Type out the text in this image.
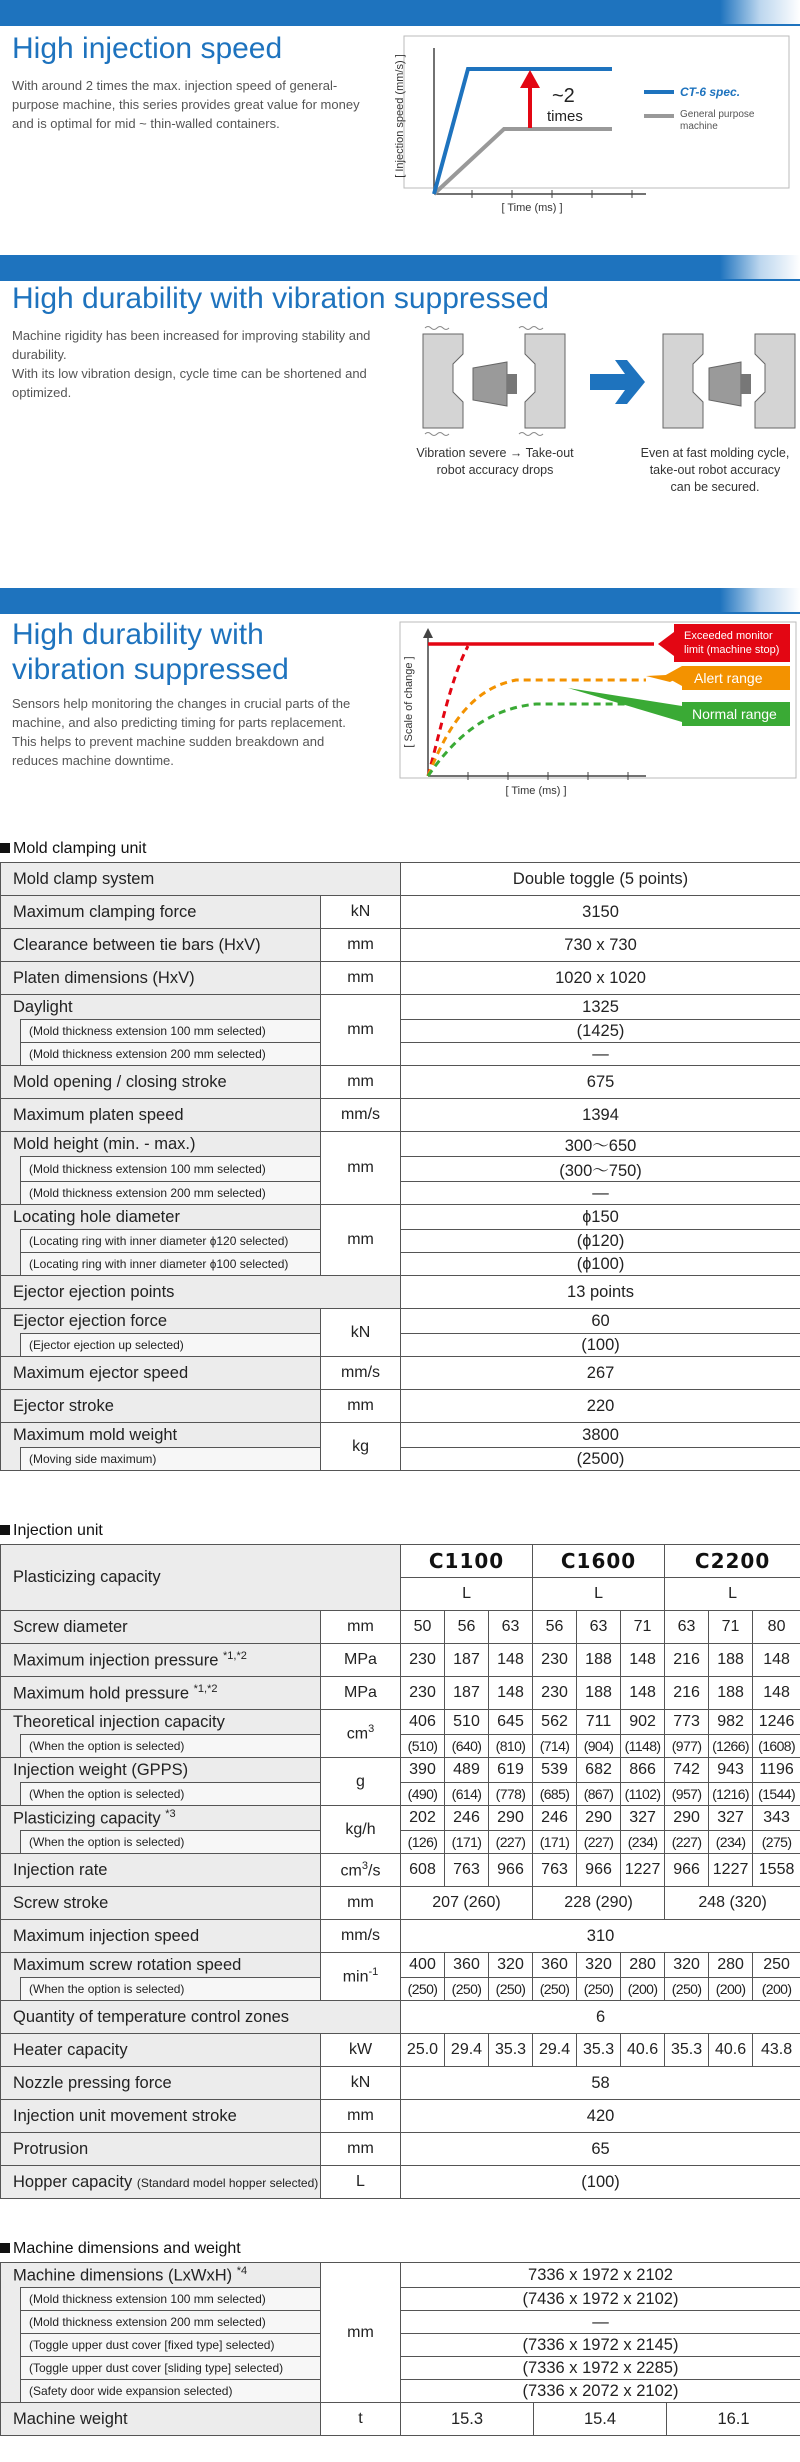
High injection speed

With around 2 times the max. injection speed of general-purpose machine, this series provides great value for money and is optimal for mid ~ thin-walled containers.

~2
times
[ Injection speed (mm/s) ]
[ Time (ms) ]
CT-6 spec.
General purpose
machine
High durability with vibration suppressed

Machine rigidity has been increased for improving stability and durability.
With its low vibration design, cycle time can be shortened and optimized.

Vibration severe → Take-out robot accuracy drops
Even at fast molding cycle, take-out robot accuracy can be secured.
High durability with
vibration suppressed

Sensors help monitoring the changes in crucial parts of the machine, and also predicting timing for parts replacement.
This helps to prevent machine sudden breakdown and reduces machine downtime.

Exceeded monitor
limit (machine stop)
Alert range
Normal range
[ Scale of change ]
[ Time (ms) ]
Mold clamping unit
Mold clamp system			Double toggle (5 points)
Maximum clamping force		kN	3150
Clearance between tie bars (HxV)		mm	730 x 730
Platen dimensions (HxV)		mm	1020 x 1020
Daylight		mm	1325
	(Mold thickness extension 100 mm selected)		(1425)
	(Mold thickness extension 200 mm selected)		—
Mold opening / closing stroke		mm	675
Maximum platen speed		mm/s	1394
Mold height (min. - max.)		mm	300〜650
	(Mold thickness extension 100 mm selected)		(300〜750)
	(Mold thickness extension 200 mm selected)		—
Locating hole diameter		mm	ɸ150
	(Locating ring with inner diameter ɸ120 selected)		(ɸ120)
	(Locating ring with inner diameter ɸ100 selected)		(ɸ100)
Ejector ejection points			13 points
Ejector ejection force		kN	60
	(Ejector ejection up selected)		(100)
Maximum ejector speed		mm/s	267
Ejector stroke		mm	220
Maximum mold weight		kg	3800
	(Moving side maximum)		(2500)
Injection unit
Plasticizing capacity			C1100			C1600			C2200		
			L			L			L		
Screw diameter		mm	50	56	63	56	63	71	63	71	80
Maximum injection pressure $^{*1,*2}$		MPa	230	187	148	230	188	148	216	188	148
Maximum hold pressure $^{*1,*2}$		MPa	230	187	148	230	188	148	216	188	148
Theoretical injection capacity		$cm^3$	406	510	645	562	711	902	773	982	1246
	(When the option is selected)		(510)	(640)	(810)	(714)	(904)	(1148)	(977)	(1266)	(1608)
Injection weight (GPPS)		g	390	489	619	539	682	866	742	943	1196
	(When the option is selected)		(490)	(614)	(778)	(685)	(867)	(1102)	(957)	(1216)	(1544)
Plasticizing capacity $^{*3}$		kg/h	202	246	290	246	290	327	290	327	343
	(When the option is selected)		(126)	(171)	(227)	(171)	(227)	(234)	(227)	(234)	(275)
Injection rate		$cm^3/s$	608	763	966	763	966	1227	966	1227	1558
Screw stroke		mm	207 (260)			228 (290)			248 (320)		
Maximum injection speed		mm/s	310								
Maximum screw rotation speed		$\min^{-1}$	400	360	320	360	320	280	320	280	250
	(When the option is selected)		(250)	(250)	(250)	(250)	(250)	(200)	(250)	(200)	(200)
Quantity of temperature control zones			6								
Heater capacity		kW	25.0	29.4	35.3	29.4	35.3	40.6	35.3	40.6	43.8
Nozzle pressing force		kN	58								
Injection unit movement stroke		mm	420								
Protrusion		mm	65								
Hopper capacity (Standard model hopper selected)		L	(100)								
Machine dimensions and weight
Machine dimensions (LxWxH) $^{*4}$		mm	7336 x 1972 x 2102		
	(Mold thickness extension 100 mm selected)		(7436 x 1972 x 2102)		
	(Mold thickness extension 200 mm selected)		—		
	(Toggle upper dust cover [fixed type] selected)		(7336 x 1972 x 2145)		
	(Toggle upper dust cover [sliding type] selected)		(7336 x 1972 x 2285)		
	(Safety door wide expansion selected)		(7336 x 2072 x 2102)		
Machine weight		t	15.3	15.4	16.1
